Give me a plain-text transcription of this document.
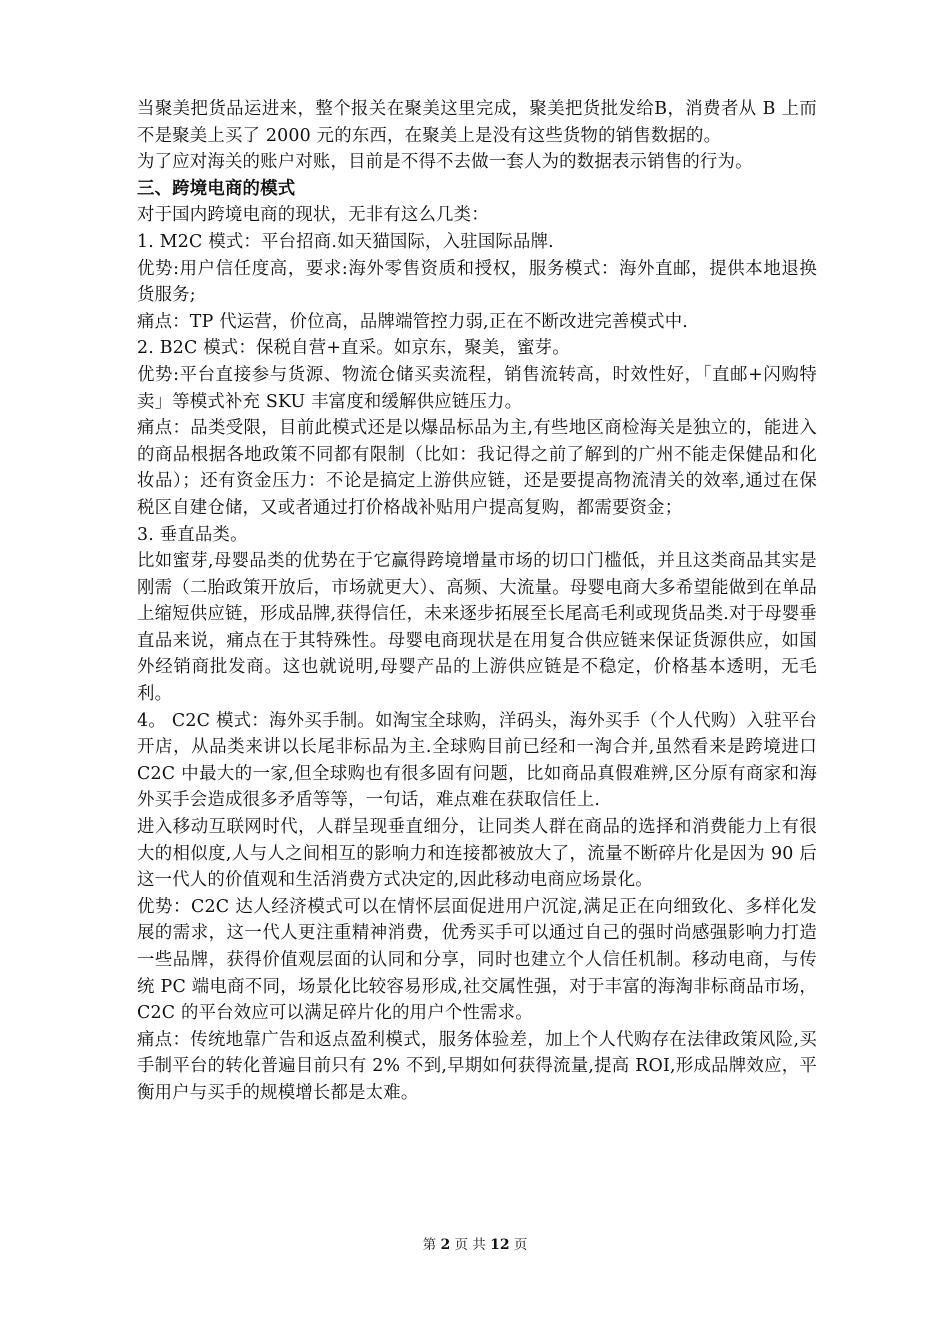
当聚美把货品运进来，整个报关在聚美这里完成，聚美把货批发给B，消费者从 B 上而不是聚美上买了 2000 元的东西，在聚美上是没有这些货物的销售数据的。

为了应对海关的账户对账，目前是不得不去做一套人为的数据表示销售的行为。

三、跨境电商的模式

对于国内跨境电商的现状，无非有这么几类：

1. M2C 模式：平台招商.如天猫国际，入驻国际品牌.

优势:用户信任度高，要求:海外零售资质和授权，服务模式：海外直邮，提供本地退换货服务;

痛点：TP 代运营，价位高，品牌端管控力弱,正在不断改进完善模式中.

2. B2C 模式：保税自营+直采。如京东，聚美，蜜芽。

优势:平台直接参与货源、物流仓储买卖流程，销售流转高，时效性好，「直邮+闪购特卖」等模式补充 SKU 丰富度和缓解供应链压力。

痛点：品类受限，目前此模式还是以爆品标品为主,有些地区商检海关是独立的，能进入的商品根据各地政策不同都有限制（比如：我记得之前了解到的广州不能走保健品和化妆品）；还有资金压力：不论是搞定上游供应链，还是要提高物流清关的效率,通过在保税区自建仓储，又或者通过打价格战补贴用户提高复购，都需要资金；

3. 垂直品类。

比如蜜芽,母婴品类的优势在于它赢得跨境增量市场的切口门槛低，并且这类商品其实是刚需（二胎政策开放后，市场就更大）、高频、大流量。母婴电商大多希望能做到在单品上缩短供应链，形成品牌,获得信任，未来逐步拓展至长尾高毛利或现货品类.对于母婴垂直品来说，痛点在于其特殊性。母婴电商现状是在用复合供应链来保证货源供应，如国外经销商批发商。这也就说明,母婴产品的上游供应链是不稳定，价格基本透明，无毛利。

4。 C2C 模式：海外买手制。如淘宝全球购，洋码头，海外买手（个人代购）入驻平台开店，从品类来讲以长尾非标品为主.全球购目前已经和一淘合并,虽然看来是跨境进口 C2C 中最大的一家,但全球购也有很多固有问题，比如商品真假难辨,区分原有商家和海外买手会造成很多矛盾等等，一句话，难点难在获取信任上.

进入移动互联网时代，人群呈现垂直细分，让同类人群在商品的选择和消费能力上有很大的相似度,人与人之间相互的影响力和连接都被放大了，流量不断碎片化是因为 90 后这一代人的价值观和生活消费方式决定的,因此移动电商应场景化。

优势：C2C 达人经济模式可以在情怀层面促进用户沉淀,满足正在向细致化、多样化发展的需求，这一代人更注重精神消费，优秀买手可以通过自己的强时尚感强影响力打造一些品牌，获得价值观层面的认同和分享，同时也建立个人信任机制。移动电商，与传统 PC 端电商不同，场景化比较容易形成,社交属性强，对于丰富的海淘非标商品市场，C2C 的平台效应可以满足碎片化的用户个性需求。

痛点：传统地靠广告和返点盈利模式，服务体验差，加上个人代购存在法律政策风险,买手制平台的转化普遍目前只有 2% 不到,早期如何获得流量,提高 ROI,形成品牌效应，平衡用户与买手的规模增长都是太难。

第 2 页 共 12 页
